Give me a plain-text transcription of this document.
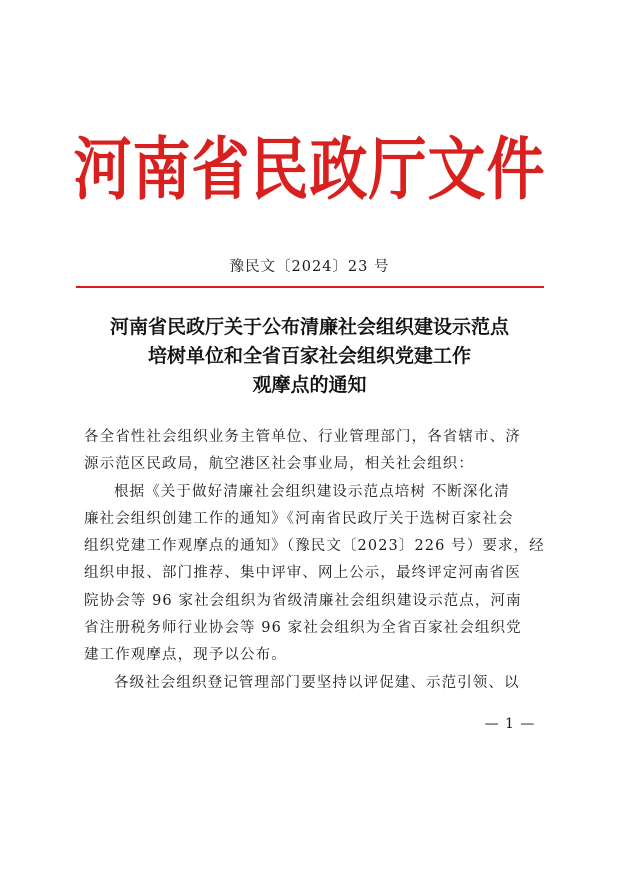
河南省民政厅文件
豫民文〔2024〕23 号
河南省民政厅关于公布清廉社会组织建设示范点
培树单位和全省百家社会组织党建工作
观摩点的通知
各全省性社会组织业务主管单位、行业管理部门，各省辖市、济
源示范区民政局，航空港区社会事业局，相关社会组织：
根据《关于做好清廉社会组织建设示范点培树 不断深化清
廉社会组织创建工作的通知》《河南省民政厅关于选树百家社会
组织党建工作观摩点的通知》（豫民文〔2023〕226 号）要求，经
组织申报、部门推荐、集中评审、网上公示，最终评定河南省医
院协会等 96 家社会组织为省级清廉社会组织建设示范点，河南
省注册税务师行业协会等 96 家社会组织为全省百家社会组织党
建工作观摩点，现予以公布。
各级社会组织登记管理部门要坚持以评促建、示范引领、以
— 1 —
